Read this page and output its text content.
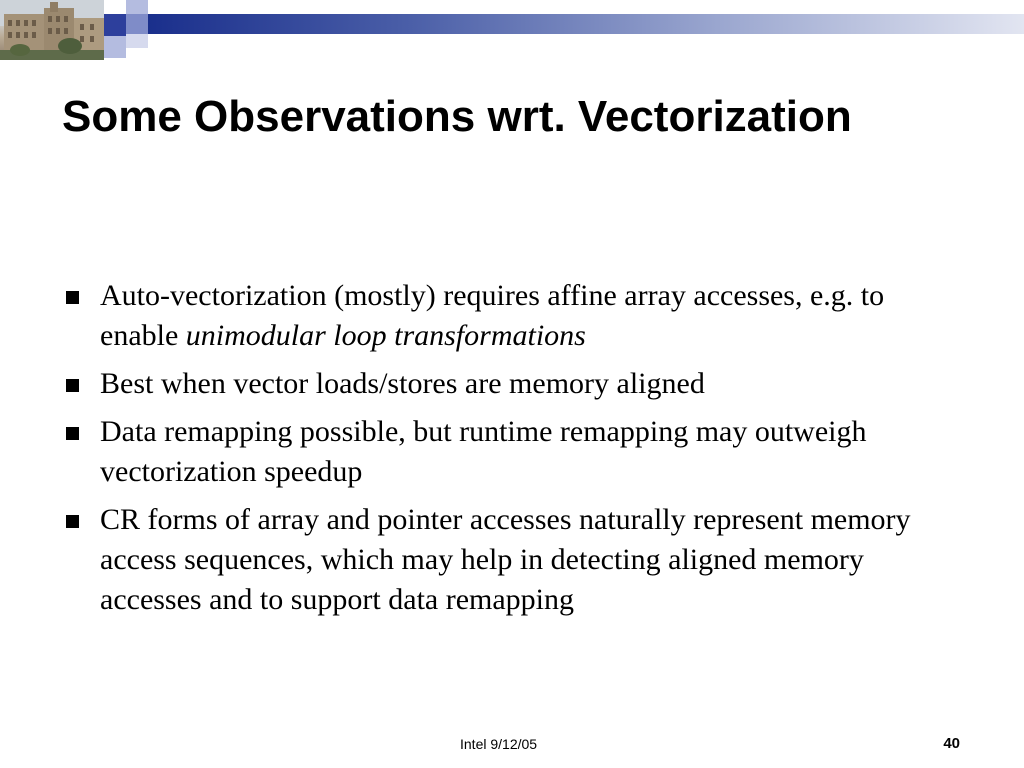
Some Observations wrt. Vectorization
Auto-vectorization (mostly) requires affine array accesses, e.g. to enable unimodular loop transformations
Best when vector loads/stores are memory aligned
Data remapping possible, but runtime remapping may outweigh vectorization speedup
CR forms of array and pointer accesses naturally represent memory access sequences, which may help in detecting aligned memory accesses and to support data remapping
Intel 9/12/05	40
